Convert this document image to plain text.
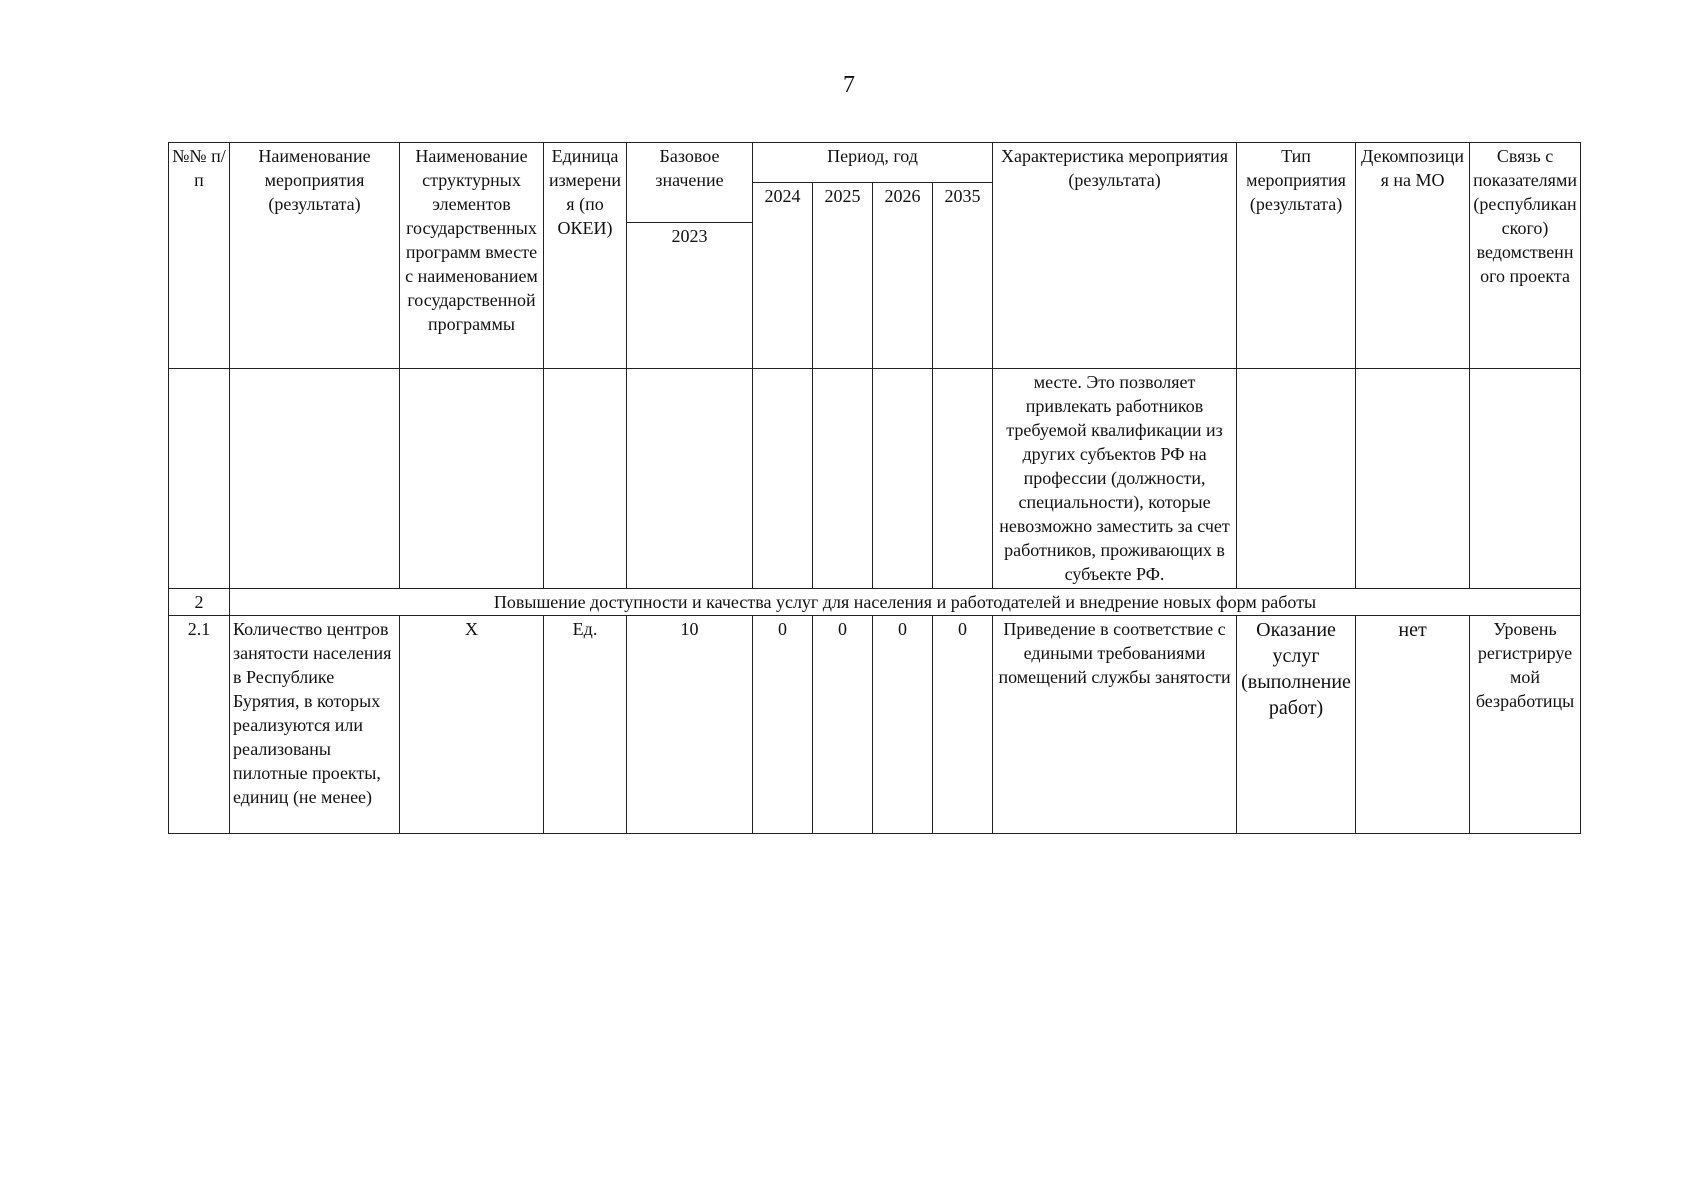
7
№№ п/п	Наименование мероприятия (результата)	Наименование структурных элементов государственных программ вместе с наименованием государственной программы	Единица измерения (по ОКЕИ)	Базовое значение	Период, год				Характеристика мероприятия (результата)	Тип мероприятия (результата)	Декомпозиция на МО	Связь с показателями (республиканского) ведомственного проекта
					2024	2025	2026	2035				
				2023								
									месте. Это позволяет привлекать работников требуемой квалификации из других субъектов РФ на профессии (должности, специальности), которые невозможно заместить за счет работников, проживающих в субъекте РФ.			
2	Повышение доступности и качества услуг для населения и работодателей и внедрение новых форм работы											
2.1	Количество центров занятости населения в Республике Бурятия, в которых реализуются или реализованы пилотные проекты, единиц (не менее)	Х	Ед.	10	0	0	0	0	Приведение в соответствие с едиными требованиями помещений службы занятости	Оказание услуг (выполнение работ)	нет	Уровень регистрируемой безработицы
